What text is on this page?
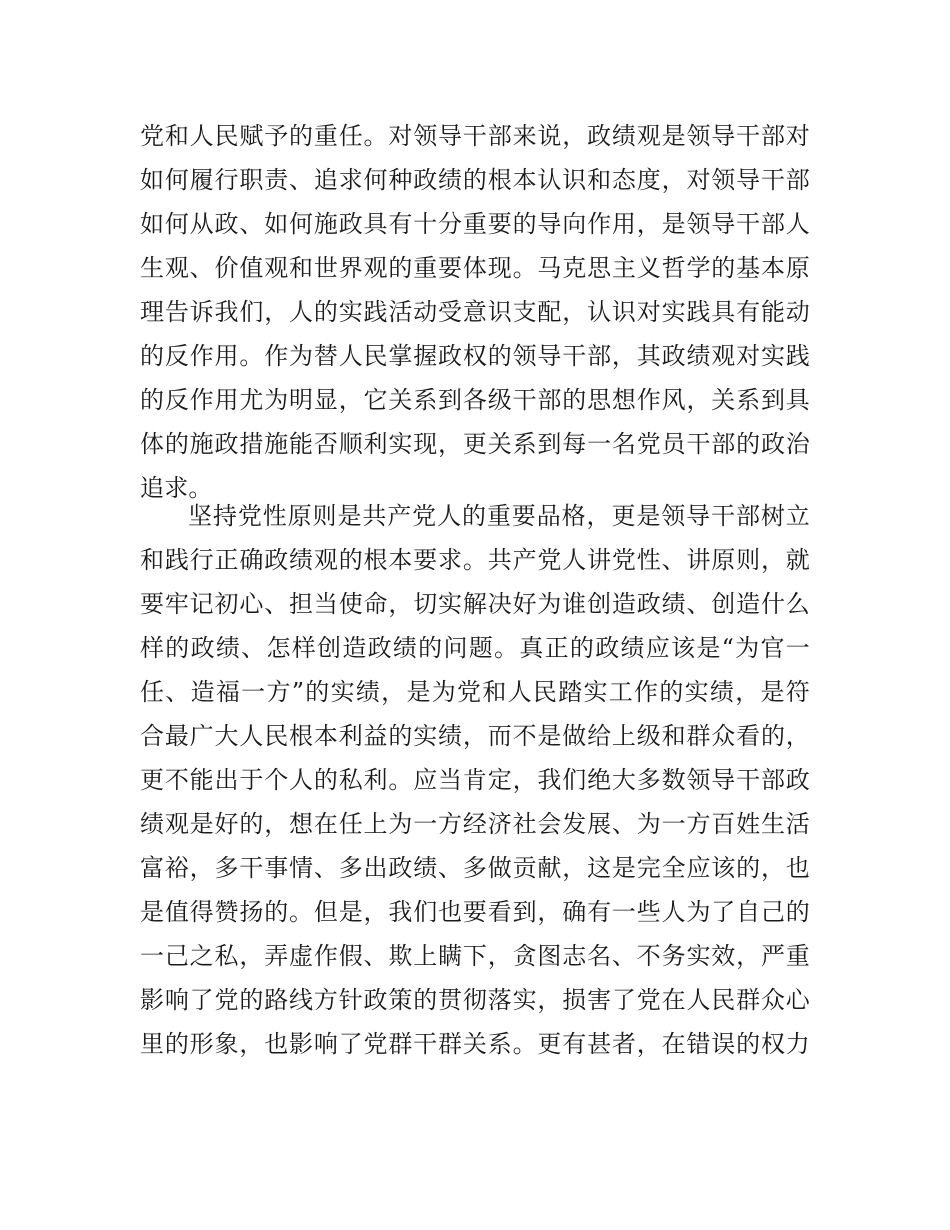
党和人民赋予的重任。对领导干部来说，政绩观是领导干部对
如何履行职责、追求何种政绩的根本认识和态度，对领导干部
如何从政、如何施政具有十分重要的导向作用，是领导干部人
生观、价值观和世界观的重要体现。马克思主义哲学的基本原
理告诉我们，人的实践活动受意识支配，认识对实践具有能动
的反作用。作为替人民掌握政权的领导干部，其政绩观对实践
的反作用尤为明显，它关系到各级干部的思想作风，关系到具
体的施政措施能否顺利实现，更关系到每一名党员干部的政治
追求。
坚持党性原则是共产党人的重要品格，更是领导干部树立
和践行正确政绩观的根本要求。共产党人讲党性、讲原则，就
要牢记初心、担当使命，切实解决好为谁创造政绩、创造什么
样的政绩、怎样创造政绩的问题。真正的政绩应该是“为官一
任、造福一方”的实绩，是为党和人民踏实工作的实绩，是符
合最广大人民根本利益的实绩，而不是做给上级和群众看的，
更不能出于个人的私利。应当肯定，我们绝大多数领导干部政
绩观是好的，想在任上为一方经济社会发展、为一方百姓生活
富裕，多干事情、多出政绩、多做贡献，这是完全应该的，也
是值得赞扬的。但是，我们也要看到，确有一些人为了自己的
一己之私，弄虚作假、欺上瞒下，贪图志名、不务实效，严重
影响了党的路线方针政策的贯彻落实，损害了党在人民群众心
里的形象，也影响了党群干群关系。更有甚者，在错误的权力
